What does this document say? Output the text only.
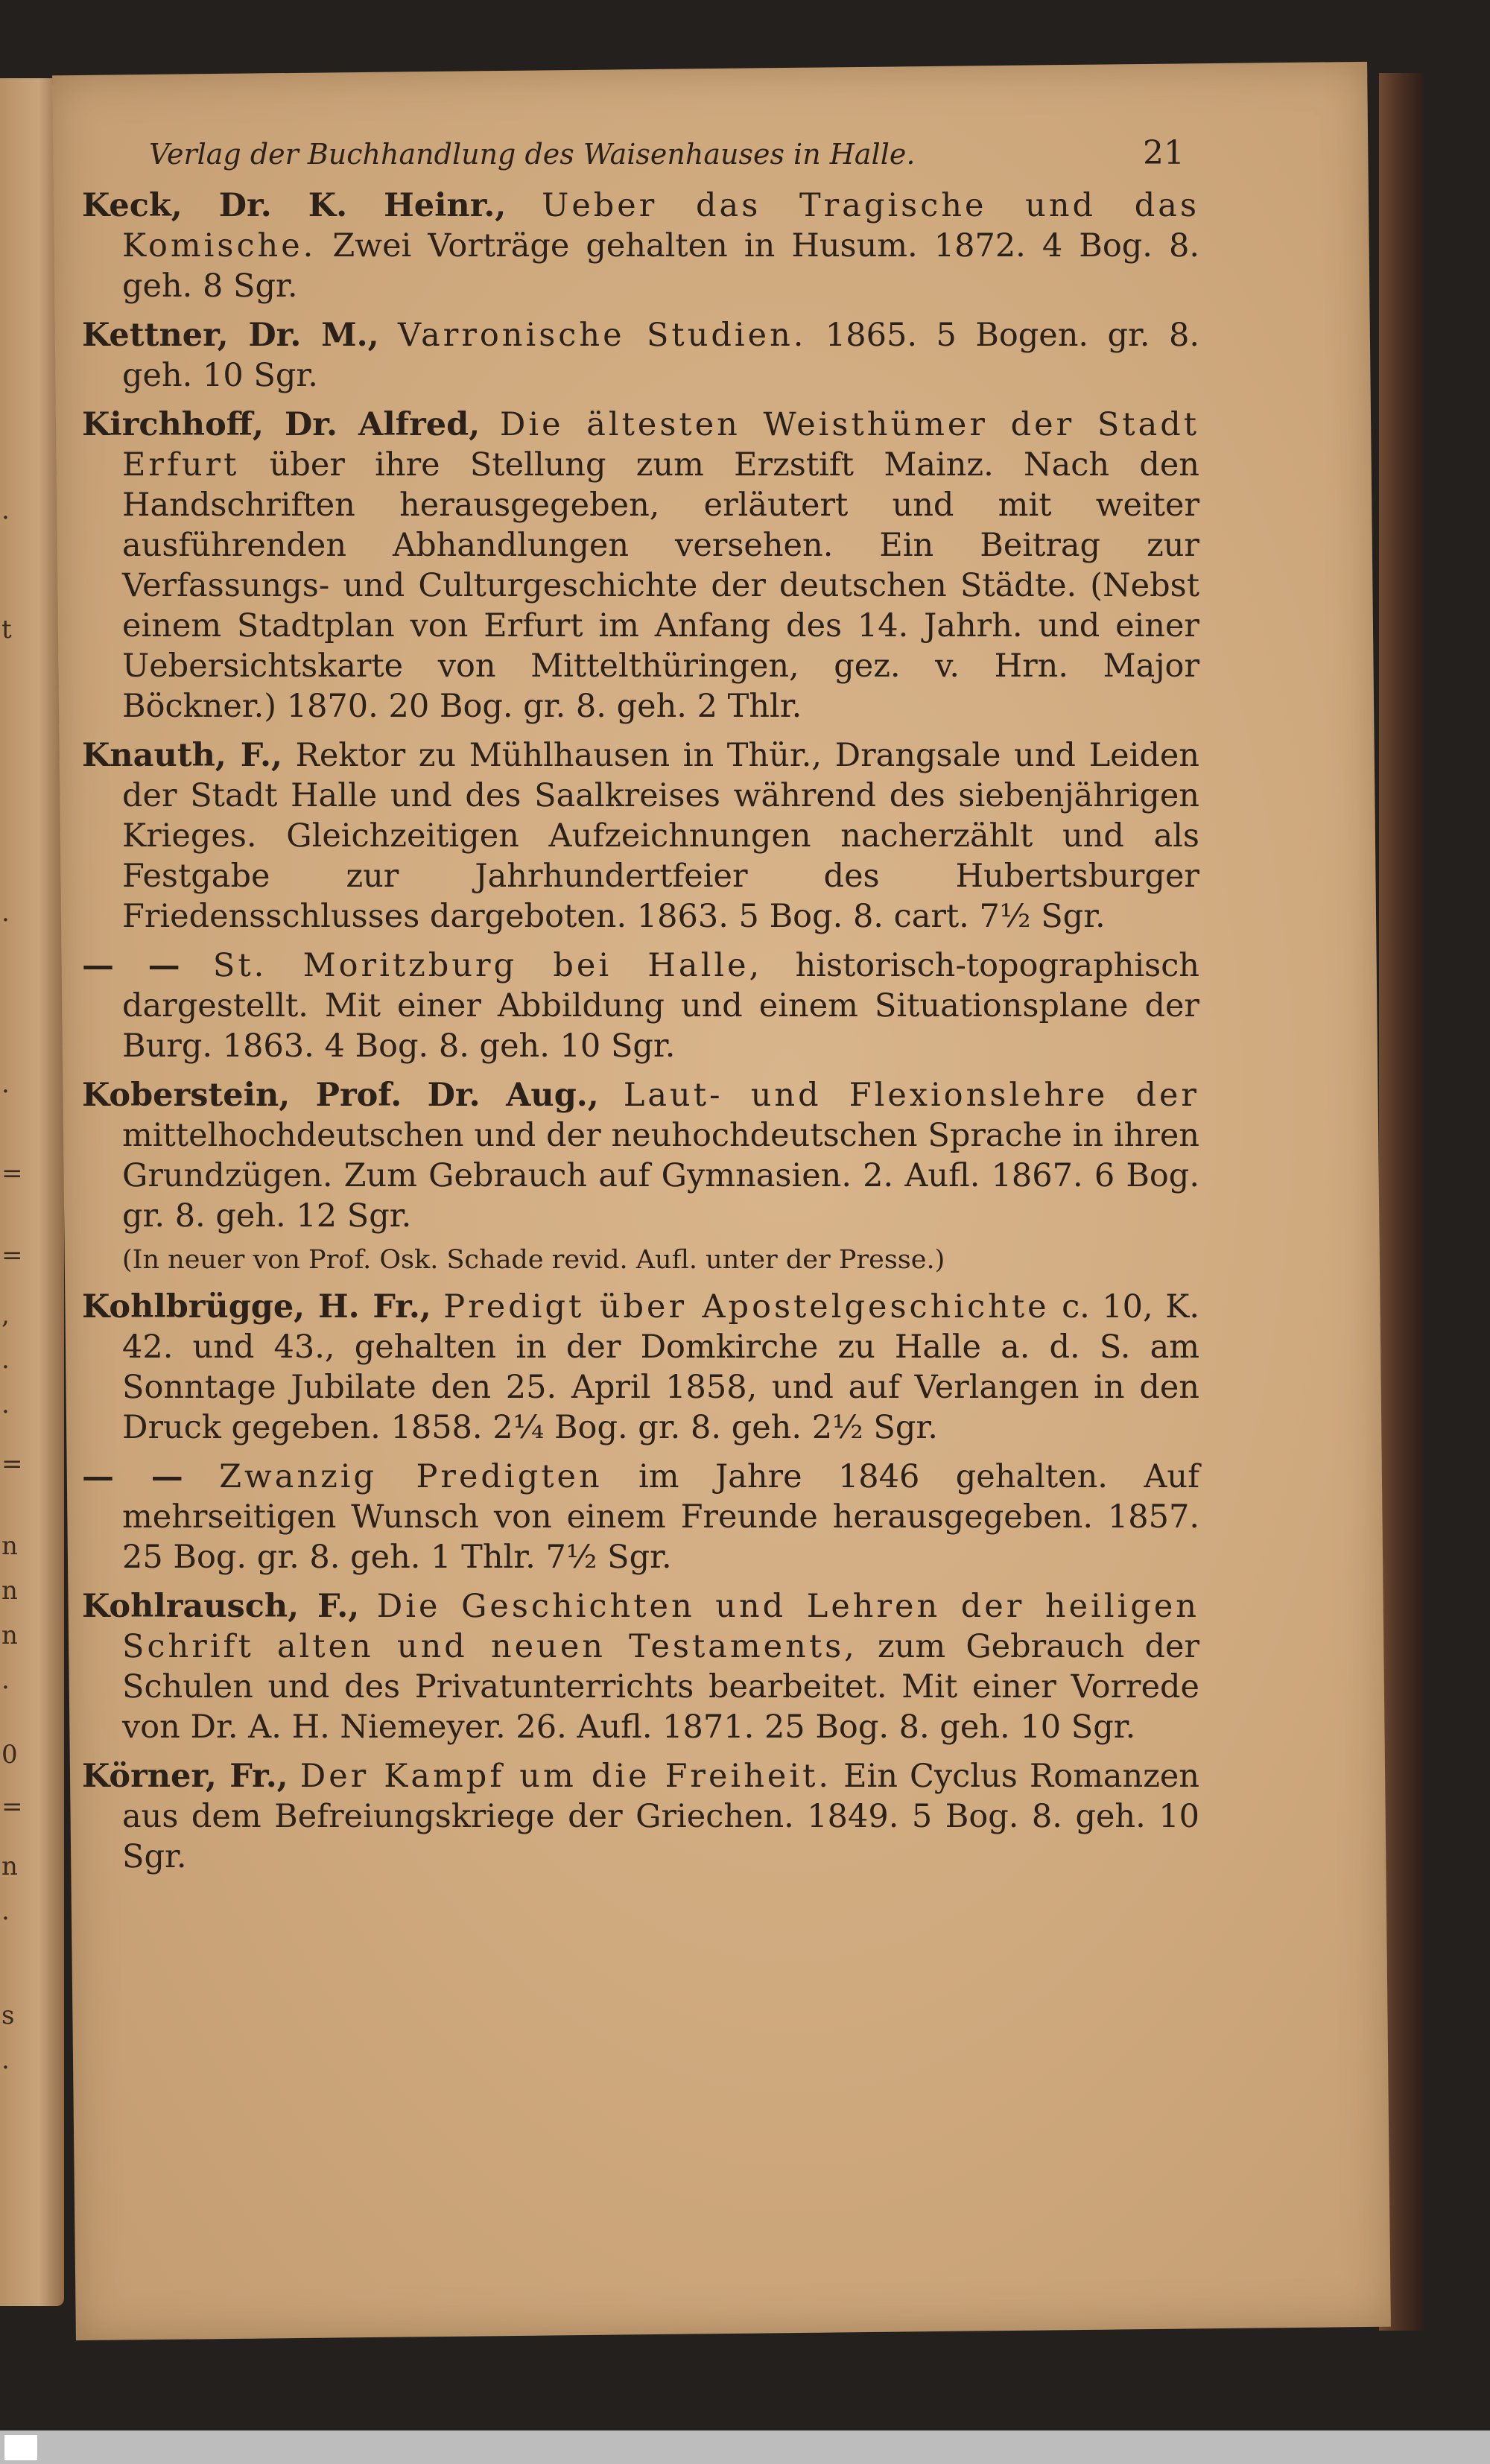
.
t
.
.
=
=
,
.
.
=
n
n
n
.
0
=
n
.
s
.
Verlag der Buchhandlung des Waisenhauses in Halle.	21
Keck, Dr. K. Heinr., Ueber das Tragische und das Komische. Zwei Vorträge gehalten in Husum. 1872. 4 Bog. 8. geh. 8 Sgr.
Kettner, Dr. M., Varronische Studien. 1865. 5 Bogen. gr. 8. geh. 10 Sgr.
Kirchhoff, Dr. Alfred, Die ältesten Weisthümer der Stadt Erfurt über ihre Stellung zum Erzstift Mainz. Nach den Handschriften herausgegeben, erläutert und mit weiter ausführenden Abhandlungen versehen. Ein Beitrag zur Verfassungs- und Culturgeschichte der deutschen Städte. (Nebst einem Stadtplan von Erfurt im Anfang des 14. Jahrh. und einer Uebersichtskarte von Mittelthüringen, gez. v. Hrn. Major Böckner.) 1870. 20 Bog. gr. 8. geh. 2 Thlr.
Knauth, F., Rektor zu Mühlhausen in Thür., Drangsale und Leiden der Stadt Halle und des Saalkreises während des siebenjährigen Krieges. Gleichzeitigen Aufzeichnungen nacherzählt und als Festgabe zur Jahrhundertfeier des Hubertsburger Friedensschlusses dargeboten. 1863. 5 Bog. 8. cart. 7½ Sgr.
— — St. Moritzburg bei Halle, historisch-topographisch dargestellt. Mit einer Abbildung und einem Situationsplane der Burg. 1863. 4 Bog. 8. geh. 10 Sgr.
Koberstein, Prof. Dr. Aug., Laut- und Flexionslehre der mittelhochdeutschen und der neuhochdeutschen Sprache in ihren Grundzügen. Zum Gebrauch auf Gymnasien. 2. Aufl. 1867. 6 Bog. gr. 8. geh. 12 Sgr.
(In neuer von Prof. Osk. Schade revid. Aufl. unter der Presse.)
Kohlbrügge, H. Fr., Predigt über Apostelgeschichte c. 10, K. 42. und 43., gehalten in der Domkirche zu Halle a. d. S. am Sonntage Jubilate den 25. April 1858, und auf Verlangen in den Druck gegeben. 1858. 2¼ Bog. gr. 8. geh. 2½ Sgr.
— — Zwanzig Predigten im Jahre 1846 gehalten. Auf mehrseitigen Wunsch von einem Freunde herausgegeben. 1857. 25 Bog. gr. 8. geh. 1 Thlr. 7½ Sgr.
Kohlrausch, F., Die Geschichten und Lehren der heiligen Schrift alten und neuen Testaments, zum Gebrauch der Schulen und des Privatunterrichts bearbeitet. Mit einer Vorrede von Dr. A. H. Niemeyer. 26. Aufl. 1871. 25 Bog. 8. geh. 10 Sgr.
Körner, Fr., Der Kampf um die Freiheit. Ein Cyclus Romanzen aus dem Befreiungskriege der Griechen. 1849. 5 Bog. 8. geh. 10 Sgr.
